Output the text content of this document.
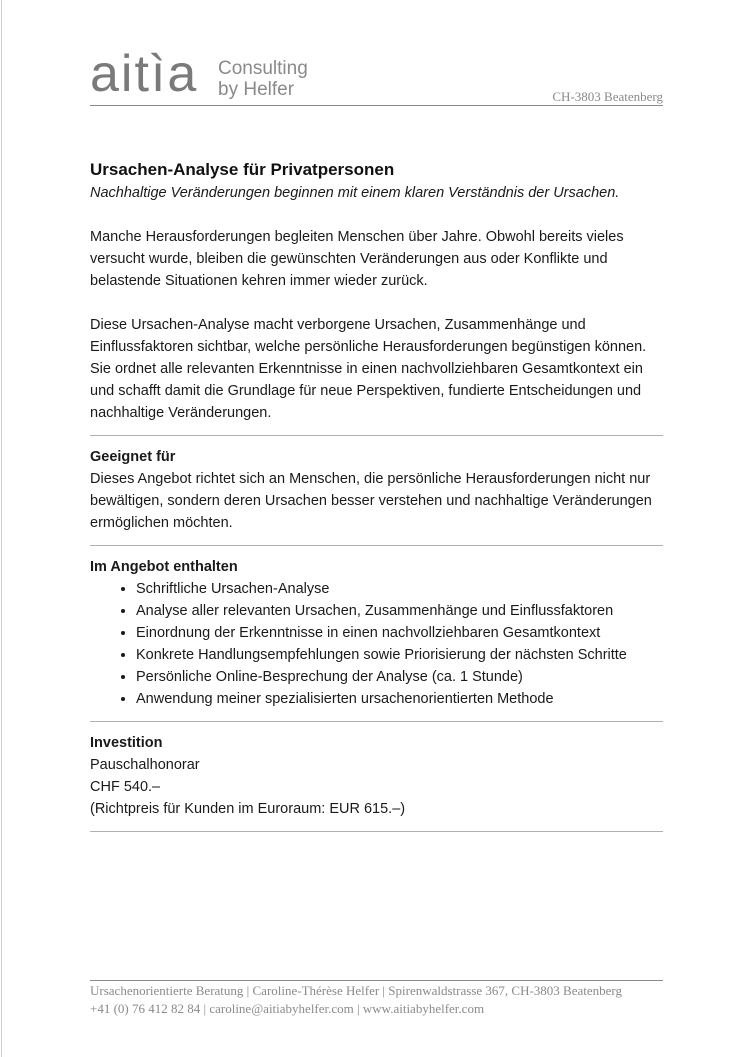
aitìa Consulting
by Helfer	CH-3803 Beatenberg
Ursachen-Analyse für Privatpersonen

Nachhaltige Veränderungen beginnen mit einem klaren Verständnis der Ursachen.

Manche Herausforderungen begleiten Menschen über Jahre. Obwohl bereits vieles versucht wurde, bleiben die gewünschten Veränderungen aus oder Konflikte und belastende Situationen kehren immer wieder zurück.

Diese Ursachen-Analyse macht verborgene Ursachen, Zusammenhänge und Einflussfaktoren sichtbar, welche persönliche Herausforderungen begünstigen können. Sie ordnet alle relevanten Erkenntnisse in einen nachvollziehbaren Gesamtkontext ein und schafft damit die Grundlage für neue Perspektiven, fundierte Entscheidungen und nachhaltige Veränderungen.

Geeignet für

Dieses Angebot richtet sich an Menschen, die persönliche Herausforderungen nicht nur bewältigen, sondern deren Ursachen besser verstehen und nachhaltige Veränderungen ermöglichen möchten.

Im Angebot enthalten
• Schriftliche Ursachen-Analyse
• Analyse aller relevanten Ursachen, Zusammenhänge und Einflussfaktoren
• Einordnung der Erkenntnisse in einen nachvollziehbaren Gesamtkontext
• Konkrete Handlungsempfehlungen sowie Priorisierung der nächsten Schritte
• Persönliche Online-Besprechung der Analyse (ca. 1 Stunde)
• Anwendung meiner spezialisierten ursachenorientierten Methode
Investition

Pauschalhonorar

CHF 540.–

(Richtpreis für Kunden im Euroraum: EUR 615.–)

Ursachenorientierte Beratung | Caroline-Thérèse Helfer | Spirenwaldstrasse 367, CH-3803 Beatenberg
+41 (0) 76 412 82 84 | caroline@aitiabyhelfer.com | www.aitiabyhelfer.com
